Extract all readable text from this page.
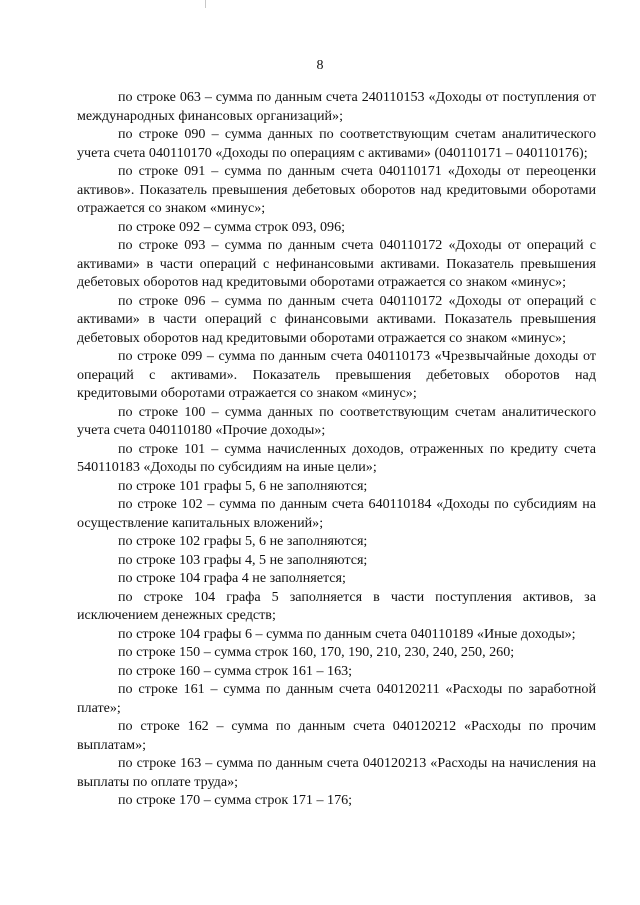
8

по строке 063 – сумма по данным счета 240110153 «Доходы от поступления от международных финансовых организаций»;

по строке 090 – сумма данных по соответствующим счетам аналитического учета счета 040110170 «Доходы по операциям с активами» (040110171 – 040110176);

по строке 091 – сумма по данным счета 040110171 «Доходы от переоценки активов». Показатель превышения дебетовых оборотов над кредитовыми оборотами отражается со знаком «минус»;

по строке 092 – сумма строк 093, 096;

по строке 093 – сумма по данным счета 040110172 «Доходы от операций с активами» в части операций с нефинансовыми активами. Показатель превышения дебетовых оборотов над кредитовыми оборотами отражается со знаком «минус»;

по строке 096 – сумма по данным счета 040110172 «Доходы от операций с активами» в части операций с финансовыми активами. Показатель превышения дебетовых оборотов над кредитовыми оборотами отражается со знаком «минус»;

по строке 099 – сумма по данным счета 040110173 «Чрезвычайные доходы от операций с активами». Показатель превышения дебетовых оборотов над кредитовыми оборотами отражается со знаком «минус»;

по строке 100 – сумма данных по соответствующим счетам аналитического учета счета 040110180 «Прочие доходы»;

по строке 101 – сумма начисленных доходов, отраженных по кредиту счета 540110183 «Доходы по субсидиям на иные цели»;

по строке 101 графы 5, 6 не заполняются;

по строке 102 – сумма по данным счета 640110184 «Доходы по субсидиям на осуществление капитальных вложений»;

по строке 102 графы 5, 6 не заполняются;

по строке 103 графы 4, 5 не заполняются;

по строке 104 графа 4 не заполняется;

по строке 104 графа 5 заполняется в части поступления активов, за исключением денежных средств;

по строке 104 графы 6 – сумма по данным счета 040110189 «Иные доходы»;

по строке 150 – сумма строк 160, 170, 190, 210, 230, 240, 250, 260;

по строке 160 – сумма строк 161 – 163;

по строке 161 – сумма по данным счета 040120211 «Расходы по заработной плате»;

по строке 162 – сумма по данным счета 040120212 «Расходы по прочим выплатам»;

по строке 163 – сумма по данным счета 040120213 «Расходы на начисления на выплаты по оплате труда»;

по строке 170 – сумма строк 171 – 176;
